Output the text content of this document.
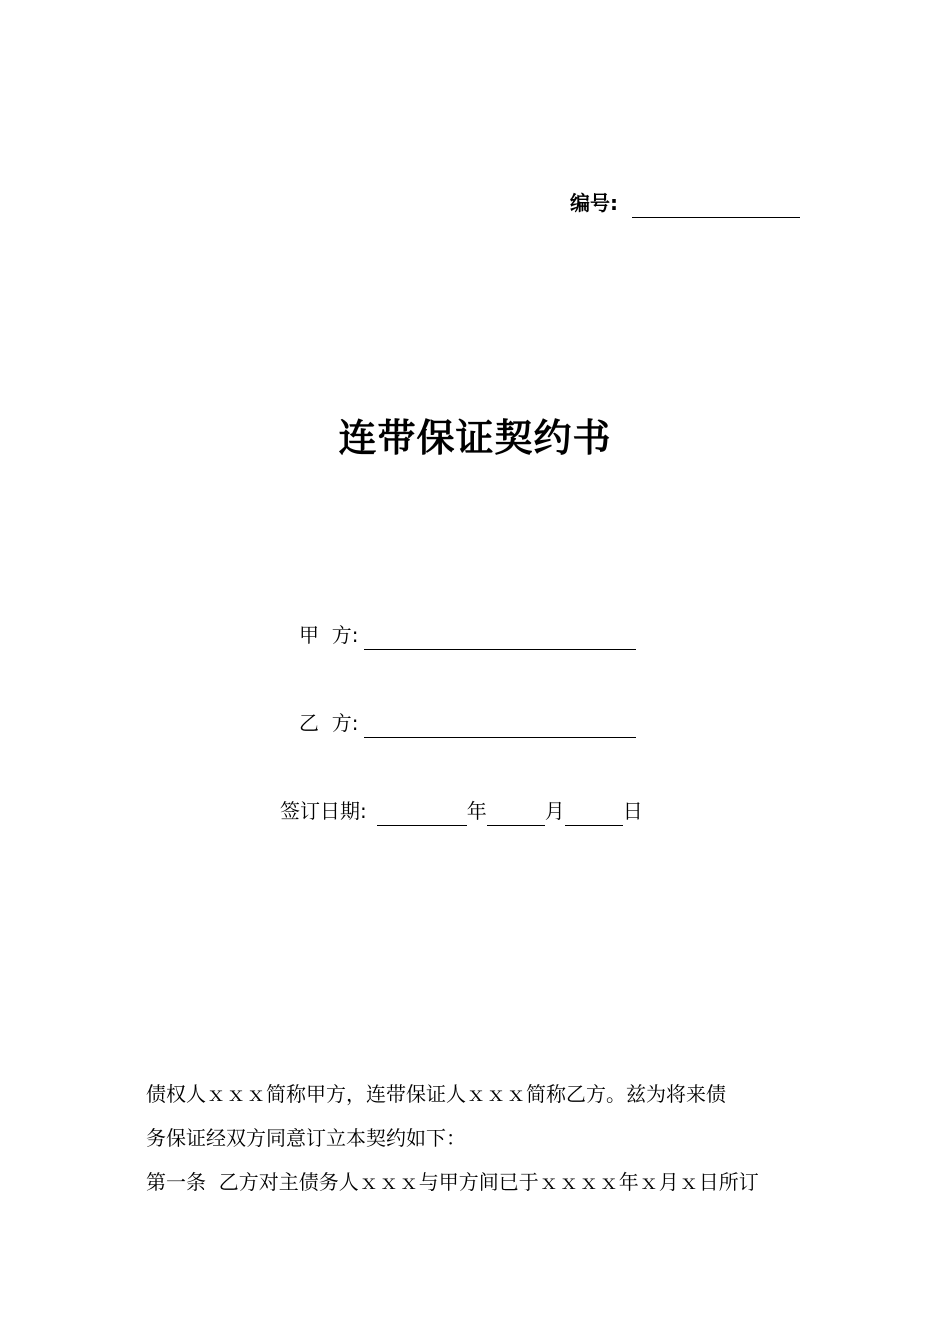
编号:
连带保证契约书
甲  方:
乙  方:
签订日期:	年	月	日

债权人ｘｘｘ简称甲方，连带保证人ｘｘｘ简称乙方。兹为将来债

务保证经双方同意订立本契约如下：

第一条  乙方对主债务人ｘｘｘ与甲方间已于ｘｘｘｘ年ｘ月ｘ日所订
